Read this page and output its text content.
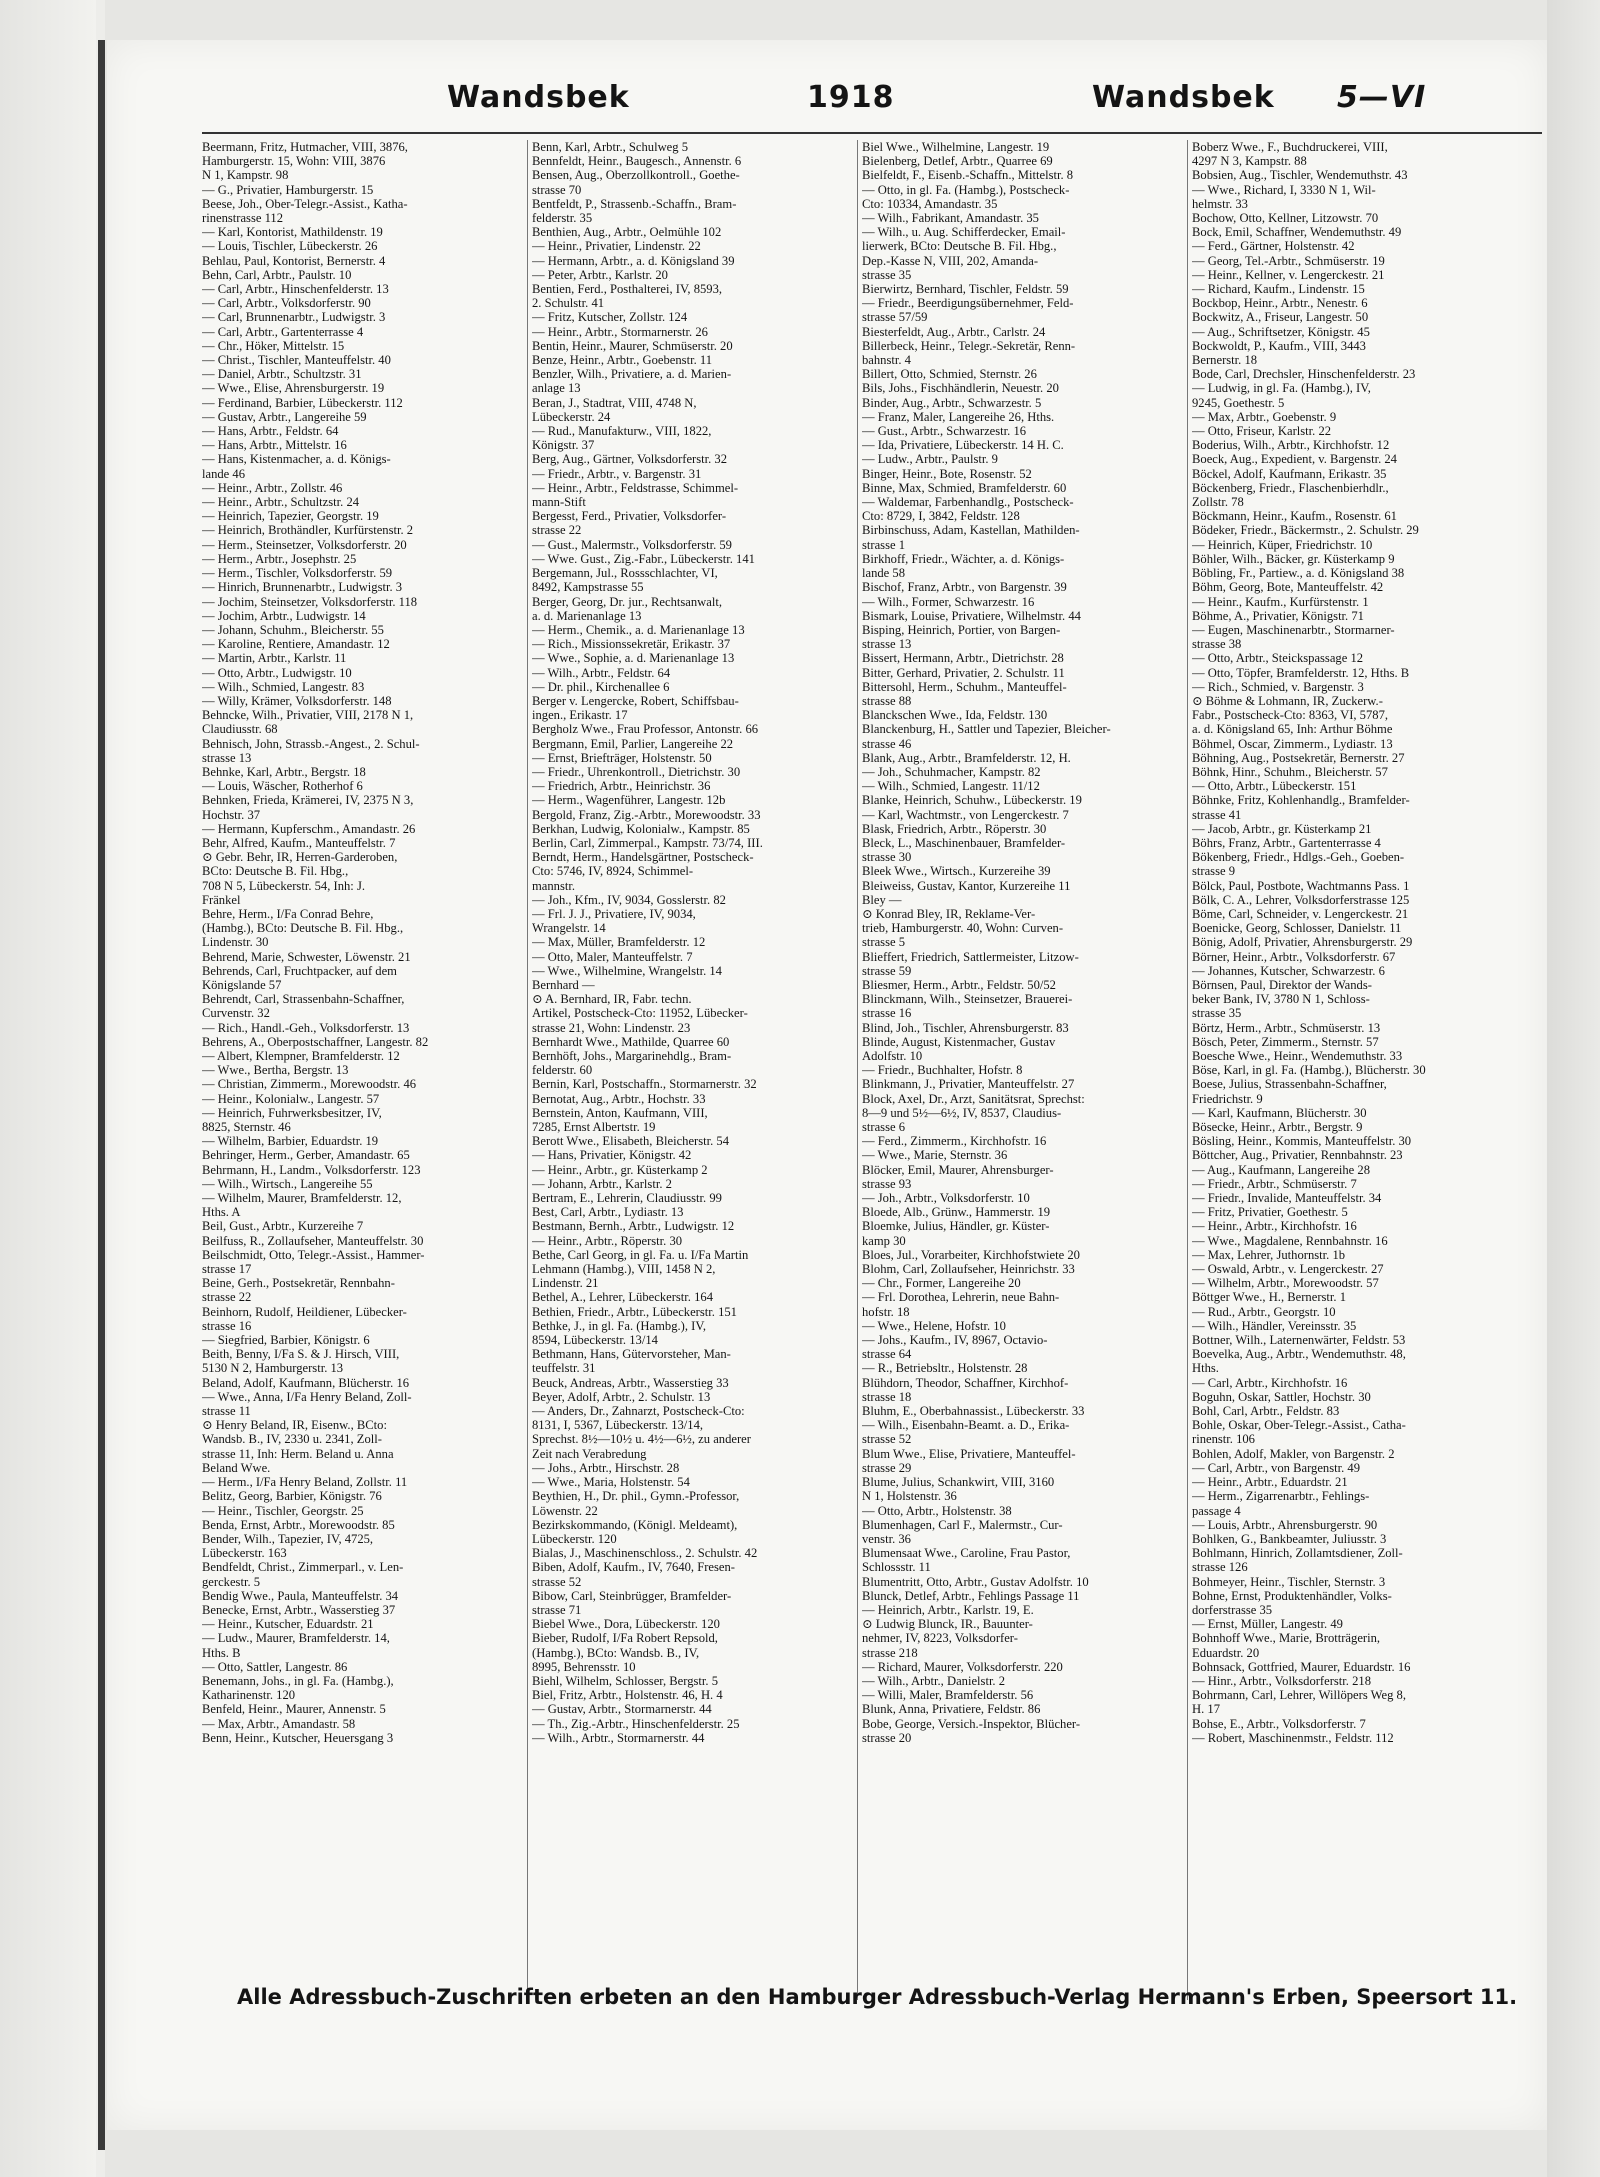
Wandsbek	1918	Wandsbek 5—VI
Beermann, Fritz, Hutmacher, VIII, 3876,
Hamburgerstr. 15, Wohn: VIII, 3876
N 1, Kampstr. 98
— G., Privatier, Hamburgerstr. 15
Beese, Joh., Ober-Telegr.-Assist., Katha-
rinenstrasse 112
— Karl, Kontorist, Mathildenstr. 19
— Louis, Tischler, Lübeckerstr. 26
Behlau, Paul, Kontorist, Bernerstr. 4
Behn, Carl, Arbtr., Paulstr. 10
— Carl, Arbtr., Hinschenfelderstr. 13
— Carl, Arbtr., Volksdorferstr. 90
— Carl, Brunnenarbtr., Ludwigstr. 3
— Carl, Arbtr., Gartenterrasse 4
— Chr., Höker, Mittelstr. 15
— Christ., Tischler, Manteuffelstr. 40
— Daniel, Arbtr., Schultzstr. 31
— Wwe., Elise, Ahrensburgerstr. 19
— Ferdinand, Barbier, Lübeckerstr. 112
— Gustav, Arbtr., Langereihe 59
— Hans, Arbtr., Feldstr. 64
— Hans, Arbtr., Mittelstr. 16
— Hans, Kistenmacher, a. d. Königs-
lande 46
— Heinr., Arbtr., Zollstr. 46
— Heinr., Arbtr., Schultzstr. 24
— Heinrich, Tapezier, Georgstr. 19
— Heinrich, Brothändler, Kurfürstenstr. 2
— Herm., Steinsetzer, Volksdorferstr. 20
— Herm., Arbtr., Josephstr. 25
— Herm., Tischler, Volksdorferstr. 59
— Hinrich, Brunnenarbtr., Ludwigstr. 3
— Jochim, Steinsetzer, Volksdorferstr. 118
— Jochim, Arbtr., Ludwigstr. 14
— Johann, Schuhm., Bleicherstr. 55
— Karoline, Rentiere, Amandastr. 12
— Martin, Arbtr., Karlstr. 11
— Otto, Arbtr., Ludwigstr. 10
— Wilh., Schmied, Langestr. 83
— Willy, Krämer, Volksdorferstr. 148
Behncke, Wilh., Privatier, VIII, 2178 N 1,
Claudiusstr. 68
Behnisch, John, Strassb.-Angest., 2. Schul-
strasse 13
Behnke, Karl, Arbtr., Bergstr. 18
— Louis, Wäscher, Rotherhof 6
Behnken, Frieda, Krämerei, IV, 2375 N 3,
Hochstr. 37
— Hermann, Kupferschm., Amandastr. 26
Behr, Alfred, Kaufm., Manteuffelstr. 7
⊙ Gebr. Behr, IR, Herren-Garderoben,
BCto: Deutsche B. Fil. Hbg.,
708 N 5, Lübeckerstr. 54, Inh: J.
Fränkel
Behre, Herm., I/Fa Conrad Behre,
(Hambg.), BCto: Deutsche B. Fil. Hbg.,
Lindenstr. 30
Behrend, Marie, Schwester, Löwenstr. 21
Behrends, Carl, Fruchtpacker, auf dem
Königslande 57
Behrendt, Carl, Strassenbahn-Schaffner,
Curvenstr. 32
— Rich., Handl.-Geh., Volksdorferstr. 13
Behrens, A., Oberpostschaffner, Langestr. 82
— Albert, Klempner, Bramfelderstr. 12
— Wwe., Bertha, Bergstr. 13
— Christian, Zimmerm., Morewoodstr. 46
— Heinr., Kolonialw., Langestr. 57
— Heinrich, Fuhrwerksbesitzer, IV,
8825, Sternstr. 46
— Wilhelm, Barbier, Eduardstr. 19
Behringer, Herm., Gerber, Amandastr. 65
Behrmann, H., Landm., Volksdorferstr. 123
— Wilh., Wirtsch., Langereihe 55
— Wilhelm, Maurer, Bramfelderstr. 12,
Hths. A
Beil, Gust., Arbtr., Kurzereihe 7
Beilfuss, R., Zollaufseher, Manteuffelstr. 30
Beilschmidt, Otto, Telegr.-Assist., Hammer-
strasse 17
Beine, Gerh., Postsekretär, Rennbahn-
strasse 22
Beinhorn, Rudolf, Heildiener, Lübecker-
strasse 16
— Siegfried, Barbier, Königstr. 6
Beith, Benny, I/Fa S. & J. Hirsch, VIII,
5130 N 2, Hamburgerstr. 13
Beland, Adolf, Kaufmann, Blücherstr. 16
— Wwe., Anna, I/Fa Henry Beland, Zoll-
strasse 11
⊙ Henry Beland, IR, Eisenw., BCto:
Wandsb. B., IV, 2330 u. 2341, Zoll-
strasse 11, Inh: Herm. Beland u. Anna
Beland Wwe.
— Herm., I/Fa Henry Beland, Zollstr. 11
Belitz, Georg, Barbier, Königstr. 76
— Heinr., Tischler, Georgstr. 25
Benda, Ernst, Arbtr., Morewoodstr. 85
Bender, Wilh., Tapezier, IV, 4725,
Lübeckerstr. 163
Bendfeldt, Christ., Zimmerparl., v. Len-
gerckestr. 5
Bendig Wwe., Paula, Manteuffelstr. 34
Benecke, Ernst, Arbtr., Wasserstieg 37
— Heinr., Kutscher, Eduardstr. 21
— Ludw., Maurer, Bramfelderstr. 14,
Hths. B
— Otto, Sattler, Langestr. 86
Benemann, Johs., in gl. Fa. (Hambg.),
Katharinenstr. 120
Benfeld, Heinr., Maurer, Annenstr. 5
— Max, Arbtr., Amandastr. 58
Benn, Heinr., Kutscher, Heuersgang 3
Benn, Karl, Arbtr., Schulweg 5
Bennfeldt, Heinr., Baugesch., Annenstr. 6
Bensen, Aug., Oberzollkontroll., Goethe-
strasse 70
Bentfeldt, P., Strassenb.-Schaffn., Bram-
felderstr. 35
Benthien, Aug., Arbtr., Oelmühle 102
— Heinr., Privatier, Lindenstr. 22
— Hermann, Arbtr., a. d. Königsland 39
— Peter, Arbtr., Karlstr. 20
Bentien, Ferd., Posthalterei, IV, 8593,
2. Schulstr. 41
— Fritz, Kutscher, Zollstr. 124
— Heinr., Arbtr., Stormarnerstr. 26
Bentin, Heinr., Maurer, Schmüserstr. 20
Benze, Heinr., Arbtr., Goebenstr. 11
Benzler, Wilh., Privatiere, a. d. Marien-
anlage 13
Beran, J., Stadtrat, VIII, 4748 N,
Lübeckerstr. 24
— Rud., Manufakturw., VIII, 1822,
Königstr. 37
Berg, Aug., Gärtner, Volksdorferstr. 32
— Friedr., Arbtr., v. Bargenstr. 31
— Heinr., Arbtr., Feldstrasse, Schimmel-
mann-Stift
Bergesst, Ferd., Privatier, Volksdorfer-
strasse 22
— Gust., Malermstr., Volksdorferstr. 59
— Wwe. Gust., Zig.-Fabr., Lübeckerstr. 141
Bergemann, Jul., Rossschlachter, VI,
8492, Kampstrasse 55
Berger, Georg, Dr. jur., Rechtsanwalt,
a. d. Marienanlage 13
— Herm., Chemik., a. d. Marienanlage 13
— Rich., Missionssekretär, Erikastr. 37
— Wwe., Sophie, a. d. Marienanlage 13
— Wilh., Arbtr., Feldstr. 64
— Dr. phil., Kirchenallee 6
Berger v. Lengercke, Robert, Schiffsbau-
ingen., Erikastr. 17
Bergholz Wwe., Frau Professor, Antonstr. 66
Bergmann, Emil, Parlier, Langereihe 22
— Ernst, Briefträger, Holstenstr. 50
— Friedr., Uhrenkontroll., Dietrichstr. 30
— Friedrich, Arbtr., Heinrichstr. 36
— Herm., Wagenführer, Langestr. 12b
Bergold, Franz, Zig.-Arbtr., Morewoodstr. 33
Berkhan, Ludwig, Kolonialw., Kampstr. 85
Berlin, Carl, Zimmerpal., Kampstr. 73/74, III.
Berndt, Herm., Handelsgärtner, Postscheck-
Cto: 5746, IV, 8924, Schimmel-
mannstr.
— Joh., Kfm., IV, 9034, Gosslerstr. 82
— Frl. J. J., Privatiere, IV, 9034,
Wrangelstr. 14
— Max, Müller, Bramfelderstr. 12
— Otto, Maler, Manteuffelstr. 7
— Wwe., Wilhelmine, Wrangelstr. 14
Bernhard —
⊙ A. Bernhard, IR, Fabr. techn.
Artikel, Postscheck-Cto: 11952, Lübecker-
strasse 21, Wohn: Lindenstr. 23
Bernhardt Wwe., Mathilde, Quarree 60
Bernhöft, Johs., Margarinehdlg., Bram-
felderstr. 60
Bernin, Karl, Postschaffn., Stormarnerstr. 32
Bernotat, Aug., Arbtr., Hochstr. 33
Bernstein, Anton, Kaufmann, VIII,
7285, Ernst Albertstr. 19
Berott Wwe., Elisabeth, Bleicherstr. 54
— Hans, Privatier, Königstr. 42
— Heinr., Arbtr., gr. Küsterkamp 2
— Johann, Arbtr., Karlstr. 2
Bertram, E., Lehrerin, Claudiusstr. 99
Best, Carl, Arbtr., Lydiastr. 13
Bestmann, Bernh., Arbtr., Ludwigstr. 12
— Heinr., Arbtr., Röperstr. 30
Bethe, Carl Georg, in gl. Fa. u. I/Fa Martin
Lehmann (Hambg.), VIII, 1458 N 2,
Lindenstr. 21
Bethel, A., Lehrer, Lübeckerstr. 164
Bethien, Friedr., Arbtr., Lübeckerstr. 151
Bethke, J., in gl. Fa. (Hambg.), IV,
8594, Lübeckerstr. 13/14
Bethmann, Hans, Gütervorsteher, Man-
teuffelstr. 31
Beuck, Andreas, Arbtr., Wasserstieg 33
Beyer, Adolf, Arbtr., 2. Schulstr. 13
— Anders, Dr., Zahnarzt, Postscheck-Cto:
8131, I, 5367, Lübeckerstr. 13/14,
Sprechst. 8½—10½ u. 4½—6½, zu anderer
Zeit nach Verabredung
— Johs., Arbtr., Hirschstr. 28
— Wwe., Maria, Holstenstr. 54
Beythien, H., Dr. phil., Gymn.-Professor,
Löwenstr. 22
Bezirkskommando, (Königl. Meldeamt),
Lübeckerstr. 120
Bialas, J., Maschinenschloss., 2. Schulstr. 42
Biben, Adolf, Kaufm., IV, 7640, Fresen-
strasse 52
Bibow, Carl, Steinbrügger, Bramfelder-
strasse 71
Biebel Wwe., Dora, Lübeckerstr. 120
Bieber, Rudolf, I/Fa Robert Repsold,
(Hambg.), BCto: Wandsb. B., IV,
8995, Behrensstr. 10
Biehl, Wilhelm, Schlosser, Bergstr. 5
Biel, Fritz, Arbtr., Holstenstr. 46, H. 4
— Gustav, Arbtr., Stormarnerstr. 44
— Th., Zig.-Arbtr., Hinschenfelderstr. 25
— Wilh., Arbtr., Stormarnerstr. 44
Biel Wwe., Wilhelmine, Langestr. 19
Bielenberg, Detlef, Arbtr., Quarree 69
Bielfeldt, F., Eisenb.-Schaffn., Mittelstr. 8
— Otto, in gl. Fa. (Hambg.), Postscheck-
Cto: 10334, Amandastr. 35
— Wilh., Fabrikant, Amandastr. 35
— Wilh., u. Aug. Schifferdecker, Email-
lierwerk, BCto: Deutsche B. Fil. Hbg.,
Dep.-Kasse N, VIII, 202, Amanda-
strasse 35
Bierwirtz, Bernhard, Tischler, Feldstr. 59
— Friedr., Beerdigungsübernehmer, Feld-
strasse 57/59
Biesterfeldt, Aug., Arbtr., Carlstr. 24
Billerbeck, Heinr., Telegr.-Sekretär, Renn-
bahnstr. 4
Billert, Otto, Schmied, Sternstr. 26
Bils, Johs., Fischhändlerin, Neuestr. 20
Binder, Aug., Arbtr., Schwarzestr. 5
— Franz, Maler, Langereihe 26, Hths.
— Gust., Arbtr., Schwarzestr. 16
— Ida, Privatiere, Lübeckerstr. 14 H. C.
— Ludw., Arbtr., Paulstr. 9
Binger, Heinr., Bote, Rosenstr. 52
Binne, Max, Schmied, Bramfelderstr. 60
— Waldemar, Farbenhandlg., Postscheck-
Cto: 8729, I, 3842, Feldstr. 128
Birbinschuss, Adam, Kastellan, Mathilden-
strasse 1
Birkhoff, Friedr., Wächter, a. d. Königs-
lande 58
Bischof, Franz, Arbtr., von Bargenstr. 39
— Wilh., Former, Schwarzestr. 16
Bismark, Louise, Privatiere, Wilhelmstr. 44
Bisping, Heinrich, Portier, von Bargen-
strasse 13
Bissert, Hermann, Arbtr., Dietrichstr. 28
Bitter, Gerhard, Privatier, 2. Schulstr. 11
Bittersohl, Herm., Schuhm., Manteuffel-
strasse 88
Blanckschen Wwe., Ida, Feldstr. 130
Blanckenburg, H., Sattler und Tapezier, Bleicher-
strasse 46
Blank, Aug., Arbtr., Bramfelderstr. 12, H.
— Joh., Schuhmacher, Kampstr. 82
— Wilh., Schmied, Langestr. 11/12
Blanke, Heinrich, Schuhw., Lübeckerstr. 19
— Karl, Wachtmstr., von Lengerckestr. 7
Blask, Friedrich, Arbtr., Röperstr. 30
Bleck, L., Maschinenbauer, Bramfelder-
strasse 30
Bleek Wwe., Wirtsch., Kurzereihe 39
Bleiweiss, Gustav, Kantor, Kurzereihe 11
Bley —
⊙ Konrad Bley, IR, Reklame-Ver-
trieb, Hamburgerstr. 40, Wohn: Curven-
strasse 5
Blieffert, Friedrich, Sattlermeister, Litzow-
strasse 59
Bliesmer, Herm., Arbtr., Feldstr. 50/52
Blinckmann, Wilh., Steinsetzer, Brauerei-
strasse 16
Blind, Joh., Tischler, Ahrensburgerstr. 83
Blinde, August, Kistenmacher, Gustav
Adolfstr. 10
— Friedr., Buchhalter, Hofstr. 8
Blinkmann, J., Privatier, Manteuffelstr. 27
Block, Axel, Dr., Arzt, Sanitätsrat, Sprechst:
8—9 und 5½—6½, IV, 8537, Claudius-
strasse 6
— Ferd., Zimmerm., Kirchhofstr. 16
— Wwe., Marie, Sternstr. 36
Blöcker, Emil, Maurer, Ahrensburger-
strasse 93
— Joh., Arbtr., Volksdorferstr. 10
Bloede, Alb., Grünw., Hammerstr. 19
Bloemke, Julius, Händler, gr. Küster-
kamp 30
Bloes, Jul., Vorarbeiter, Kirchhofstwiete 20
Blohm, Carl, Zollaufseher, Heinrichstr. 33
— Chr., Former, Langereihe 20
— Frl. Dorothea, Lehrerin, neue Bahn-
hofstr. 18
— Wwe., Helene, Hofstr. 10
— Johs., Kaufm., IV, 8967, Octavio-
strasse 64
— R., Betriebsltr., Holstenstr. 28
Blühdorn, Theodor, Schaffner, Kirchhof-
strasse 18
Bluhm, E., Oberbahnassist., Lübeckerstr. 33
— Wilh., Eisenbahn-Beamt. a. D., Erika-
strasse 52
Blum Wwe., Elise, Privatiere, Manteuffel-
strasse 29
Blume, Julius, Schankwirt, VIII, 3160
N 1, Holstenstr. 36
— Otto, Arbtr., Holstenstr. 38
Blumenhagen, Carl F., Malermstr., Cur-
venstr. 36
Blumensaat Wwe., Caroline, Frau Pastor,
Schlossstr. 11
Blumentritt, Otto, Arbtr., Gustav Adolfstr. 10
Blunck, Detlef, Arbtr., Fehlings Passage 11
— Heinrich, Arbtr., Karlstr. 19, E.
⊙ Ludwig Blunck, IR., Bauunter-
nehmer, IV, 8223, Volksdorfer-
strasse 218
— Richard, Maurer, Volksdorferstr. 220
— Wilh., Arbtr., Danielstr. 2
— Willi, Maler, Bramfelderstr. 56
Blunk, Anna, Privatiere, Feldstr. 86
Bobe, George, Versich.-Inspektor, Blücher-
strasse 20
Boberz Wwe., F., Buchdruckerei, VIII,
4297 N 3, Kampstr. 88
Bobsien, Aug., Tischler, Wendemuthstr. 43
— Wwe., Richard, I, 3330 N 1, Wil-
helmstr. 33
Bochow, Otto, Kellner, Litzowstr. 70
Bock, Emil, Schaffner, Wendemuthstr. 49
— Ferd., Gärtner, Holstenstr. 42
— Georg, Tel.-Arbtr., Schmüserstr. 19
— Heinr., Kellner, v. Lengerckestr. 21
— Richard, Kaufm., Lindenstr. 15
Bockbop, Heinr., Arbtr., Nenestr. 6
Bockwitz, A., Friseur, Langestr. 50
— Aug., Schriftsetzer, Königstr. 45
Bockwoldt, P., Kaufm., VIII, 3443
Bernerstr. 18
Bode, Carl, Drechsler, Hinschenfelderstr. 23
— Ludwig, in gl. Fa. (Hambg.), IV,
9245, Goethestr. 5
— Max, Arbtr., Goebenstr. 9
— Otto, Friseur, Karlstr. 22
Boderius, Wilh., Arbtr., Kirchhofstr. 12
Boeck, Aug., Expedient, v. Bargenstr. 24
Böckel, Adolf, Kaufmann, Erikastr. 35
Böckenberg, Friedr., Flaschenbierhdlr.,
Zollstr. 78
Böckmann, Heinr., Kaufm., Rosenstr. 61
Bödeker, Friedr., Bäckermstr., 2. Schulstr. 29
— Heinrich, Küper, Friedrichstr. 10
Böhler, Wilh., Bäcker, gr. Küsterkamp 9
Böbling, Fr., Partiew., a. d. Königsland 38
Böhm, Georg, Bote, Manteuffelstr. 42
— Heinr., Kaufm., Kurfürstenstr. 1
Böhme, A., Privatier, Königstr. 71
— Eugen, Maschinenarbtr., Stormarner-
strasse 38
— Otto, Arbtr., Steickspassage 12
— Otto, Töpfer, Bramfelderstr. 12, Hths. B
— Rich., Schmied, v. Bargenstr. 3
⊙ Böhme & Lohmann, IR, Zuckerw.-
Fabr., Postscheck-Cto: 8363, VI, 5787,
a. d. Königsland 65, Inh: Arthur Böhme
Böhmel, Oscar, Zimmerm., Lydiastr. 13
Böhning, Aug., Postsekretär, Bernerstr. 27
Böhnk, Hinr., Schuhm., Bleicherstr. 57
— Otto, Arbtr., Lübeckerstr. 151
Böhnke, Fritz, Kohlenhandlg., Bramfelder-
strasse 41
— Jacob, Arbtr., gr. Küsterkamp 21
Böhrs, Franz, Arbtr., Gartenterrasse 4
Bökenberg, Friedr., Hdlgs.-Geh., Goeben-
strasse 9
Bölck, Paul, Postbote, Wachtmanns Pass. 1
Bölk, C. A., Lehrer, Volksdorferstrasse 125
Böme, Carl, Schneider, v. Lengerckestr. 21
Boenicke, Georg, Schlosser, Danielstr. 11
Bönig, Adolf, Privatier, Ahrensburgerstr. 29
Börner, Heinr., Arbtr., Volksdorferstr. 67
— Johannes, Kutscher, Schwarzestr. 6
Börnsen, Paul, Direktor der Wands-
beker Bank, IV, 3780 N 1, Schloss-
strasse 35
Börtz, Herm., Arbtr., Schmüserstr. 13
Bösch, Peter, Zimmerm., Sternstr. 57
Boesche Wwe., Heinr., Wendemuthstr. 33
Böse, Karl, in gl. Fa. (Hambg.), Blücherstr. 30
Boese, Julius, Strassenbahn-Schaffner,
Friedrichstr. 9
— Karl, Kaufmann, Blücherstr. 30
Bösecke, Heinr., Arbtr., Bergstr. 9
Bösling, Heinr., Kommis, Manteuffelstr. 30
Böttcher, Aug., Privatier, Rennbahnstr. 23
— Aug., Kaufmann, Langereihe 28
— Friedr., Arbtr., Schmüserstr. 7
— Friedr., Invalide, Manteuffelstr. 34
— Fritz, Privatier, Goethestr. 5
— Heinr., Arbtr., Kirchhofstr. 16
— Wwe., Magdalene, Rennbahnstr. 16
— Max, Lehrer, Juthornstr. 1b
— Oswald, Arbtr., v. Lengerckestr. 27
— Wilhelm, Arbtr., Morewoodstr. 57
Böttger Wwe., H., Bernerstr. 1
— Rud., Arbtr., Georgstr. 10
— Wilh., Händler, Vereinsstr. 35
Bottner, Wilh., Laternenwärter, Feldstr. 53
Boevelka, Aug., Arbtr., Wendemuthstr. 48,
Hths.
— Carl, Arbtr., Kirchhofstr. 16
Boguhn, Oskar, Sattler, Hochstr. 30
Bohl, Carl, Arbtr., Feldstr. 83
Bohle, Oskar, Ober-Telegr.-Assist., Catha-
rinenstr. 106
Bohlen, Adolf, Makler, von Bargenstr. 2
— Carl, Arbtr., von Bargenstr. 49
— Heinr., Arbtr., Eduardstr. 21
— Herm., Zigarrenarbtr., Fehlings-
passage 4
— Louis, Arbtr., Ahrensburgerstr. 90
Bohlken, G., Bankbeamter, Juliusstr. 3
Bohlmann, Hinrich, Zollamtsdiener, Zoll-
strasse 126
Bohmeyer, Heinr., Tischler, Sternstr. 3
Bohne, Ernst, Produktenhändler, Volks-
dorferstrasse 35
— Ernst, Müller, Langestr. 49
Bohnhoff Wwe., Marie, Brotträgerin,
Eduardstr. 20
Bohnsack, Gottfried, Maurer, Eduardstr. 16
— Hinr., Arbtr., Volksdorferstr. 218
Bohrmann, Carl, Lehrer, Willöpers Weg 8,
H. 17
Bohse, E., Arbtr., Volksdorferstr. 7
— Robert, Maschinenmstr., Feldstr. 112
Alle Adressbuch-Zuschriften erbeten an den Hamburger Adressbuch-Verlag Hermann's Erben, Speersort 11.
